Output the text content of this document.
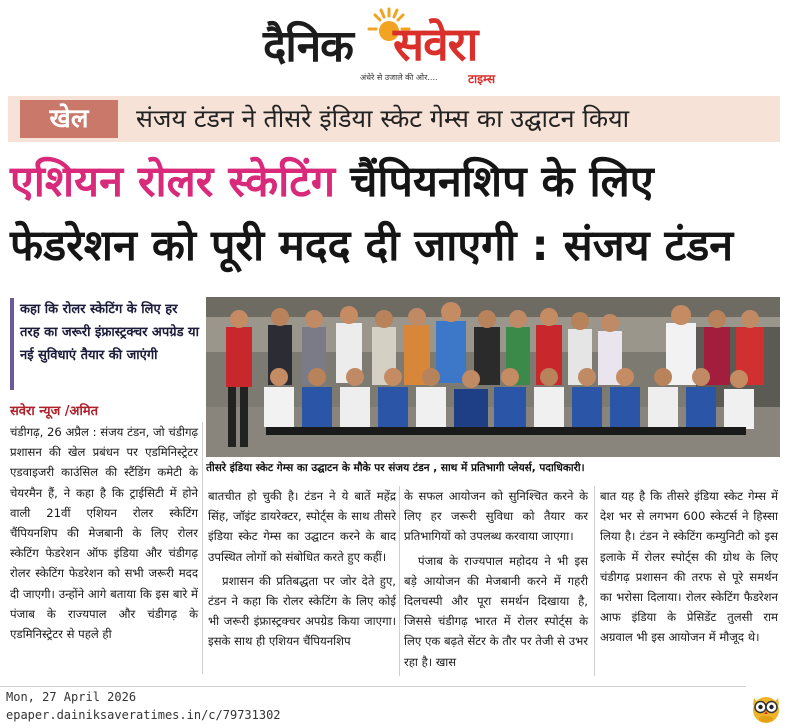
दैनिक सवेरा
अंधेरे से उजाले की ओर....	टाइम्स
खेल	संजय टंडन ने तीसरे इंडिया स्केट गेम्स का उद्घाटन किया
एशियन रोलर स्केटिंग चैंपियनशिप के लिए
फेडरेशन को पूरी मदद दी जाएगी : संजय टंडन
कहा कि रोलर स्केटिंग के लिए हर तरह का जरूरी इंफ्रास्ट्रक्चर अपग्रेड या नई सुविधाएं तैयार की जाएंगी
सवेरा न्यूज /अमित
तीसरे इंडिया स्केट गेम्स का उद्घाटन के मौके पर संजय टंडन , साथ में प्रतिभागी प्लेयर्स, पदाधिकारी।

चंडीगढ़, 26 अप्रैल : संजय टंडन, जो चंडीगढ़ प्रशासन की खेल प्रबंधन पर एडमिनिस्ट्रेटर एडवाइजरी काउंसिल की स्टैंडिंग कमेटी के चेयरमैन हैं, ने कहा है कि ट्राईसिटी में होने वाली 21वीं एशियन रोलर स्केटिंग चैंपियनशिप की मेजबानी के लिए रोलर स्केटिंग फेडरेशन ऑफ इंडिया और चंडीगढ़ रोलर स्केटिंग फेडरेशन को सभी जरूरी मदद दी जाएगी। उन्होंने आगे बताया कि इस बारे में पंजाब के राज्यपाल और चंडीगढ़ के एडमिनिस्ट्रेटर से पहले ही

बातचीत हो चुकी है। टंडन ने ये बातें महेंद्र सिंह, जॉइंट डायरेक्टर, स्पोर्ट्स के साथ तीसरे इंडिया स्केट गेम्स का उद्घाटन करने के बाद उपस्थित लोगों को संबोधित करते हुए कहीं।

प्रशासन की प्रतिबद्धता पर जोर देते हुए, टंडन ने कहा कि रोलर स्केटिंग के लिए कोई भी जरूरी इंफ्रास्ट्रक्चर अपग्रेड किया जाएगा। इसके साथ ही एशियन चैंपियनशिप

के सफल आयोजन को सुनिश्चित करने के लिए हर जरूरी सुविधा को तैयार कर प्रतिभागियों को उपलब्ध करवाया जाएगा।

पंजाब के राज्यपाल महोदय ने भी इस बड़े आयोजन की मेजबानी करने में गहरी दिलचस्पी और पूरा समर्थन दिखाया है, जिससे चंडीगढ़ भारत में रोलर स्पोर्ट्स के लिए एक बढ़ते सेंटर के तौर पर तेजी से उभर रहा है। खास

बात यह है कि तीसरे इंडिया स्केट गेम्स में देश भर से लगभग 600 स्केटर्स ने हिस्सा लिया है। टंडन ने स्केटिंग कम्युनिटी को इस इलाके में रोलर स्पोर्ट्स की ग्रोथ के लिए चंडीगढ़ प्रशासन की तरफ से पूरे समर्थन का भरोसा दिलाया। रोलर स्केटिंग फैडरेशन आफ इंडिया के प्रेसिडेंट तुलसी राम अग्रवाल भी इस आयोजन में मौजूद थे।

Mon, 27 April 2026
epaper.dainiksaveratimes.in/c/79731302
